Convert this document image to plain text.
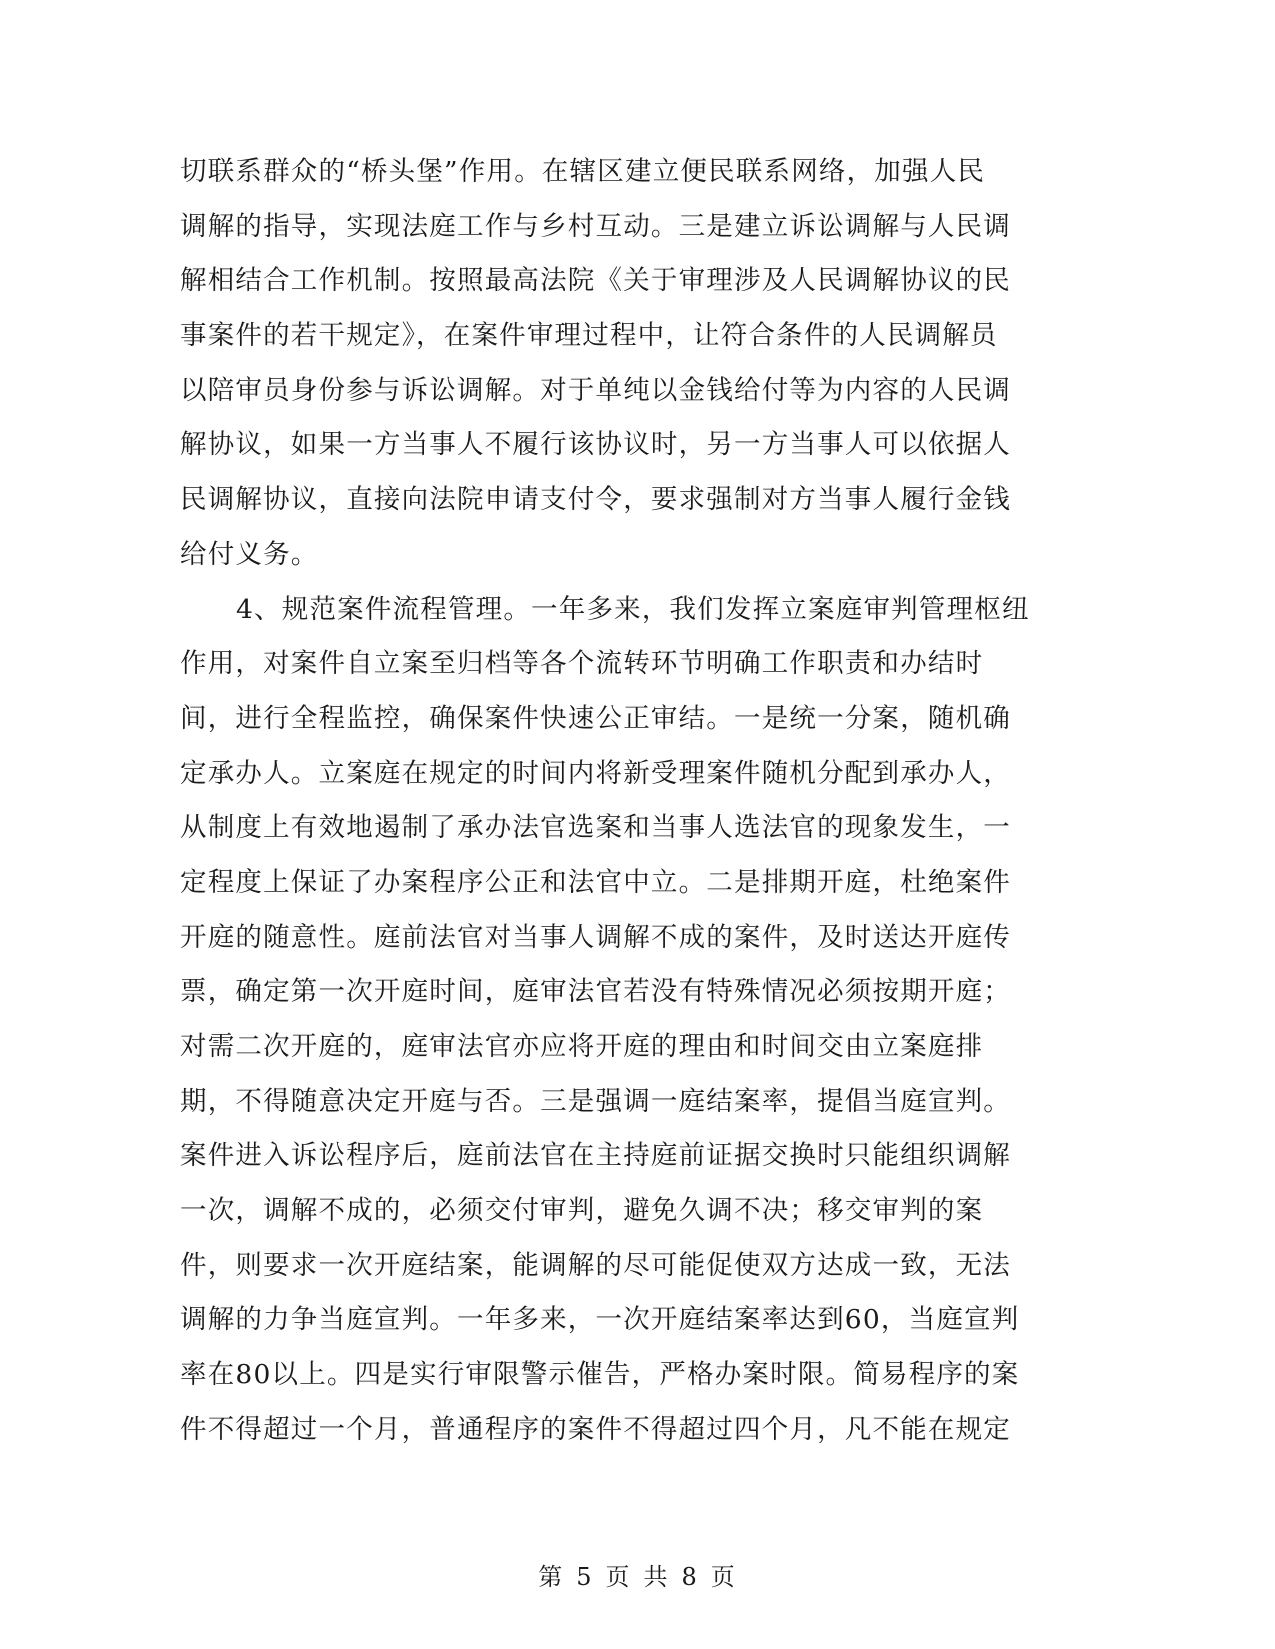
切联系群众的“桥头堡”作用。在辖区建立便民联系网络，加强人民
调解的指导，实现法庭工作与乡村互动。三是建立诉讼调解与人民调
解相结合工作机制。按照最高法院《关于审理涉及人民调解协议的民
事案件的若干规定》，在案件审理过程中，让符合条件的人民调解员
以陪审员身份参与诉讼调解。对于单纯以金钱给付等为内容的人民调
解协议，如果一方当事人不履行该协议时，另一方当事人可以依据人
民调解协议，直接向法院申请支付令，要求强制对方当事人履行金钱
给付义务。
4、规范案件流程管理。一年多来，我们发挥立案庭审判管理枢纽
作用，对案件自立案至归档等各个流转环节明确工作职责和办结时
间，进行全程监控，确保案件快速公正审结。一是统一分案，随机确
定承办人。立案庭在规定的时间内将新受理案件随机分配到承办人，
从制度上有效地遏制了承办法官选案和当事人选法官的现象发生，一
定程度上保证了办案程序公正和法官中立。二是排期开庭，杜绝案件
开庭的随意性。庭前法官对当事人调解不成的案件，及时送达开庭传
票，确定第一次开庭时间，庭审法官若没有特殊情况必须按期开庭；
对需二次开庭的，庭审法官亦应将开庭的理由和时间交由立案庭排
期，不得随意决定开庭与否。三是强调一庭结案率，提倡当庭宣判。
案件进入诉讼程序后，庭前法官在主持庭前证据交换时只能组织调解
一次，调解不成的，必须交付审判，避免久调不决；移交审判的案
件，则要求一次开庭结案，能调解的尽可能促使双方达成一致，无法
调解的力争当庭宣判。一年多来，一次开庭结案率达到60，当庭宣判
率在80以上。四是实行审限警示催告，严格办案时限。简易程序的案
件不得超过一个月，普通程序的案件不得超过四个月，凡不能在规定
第 5 页 共 8 页
